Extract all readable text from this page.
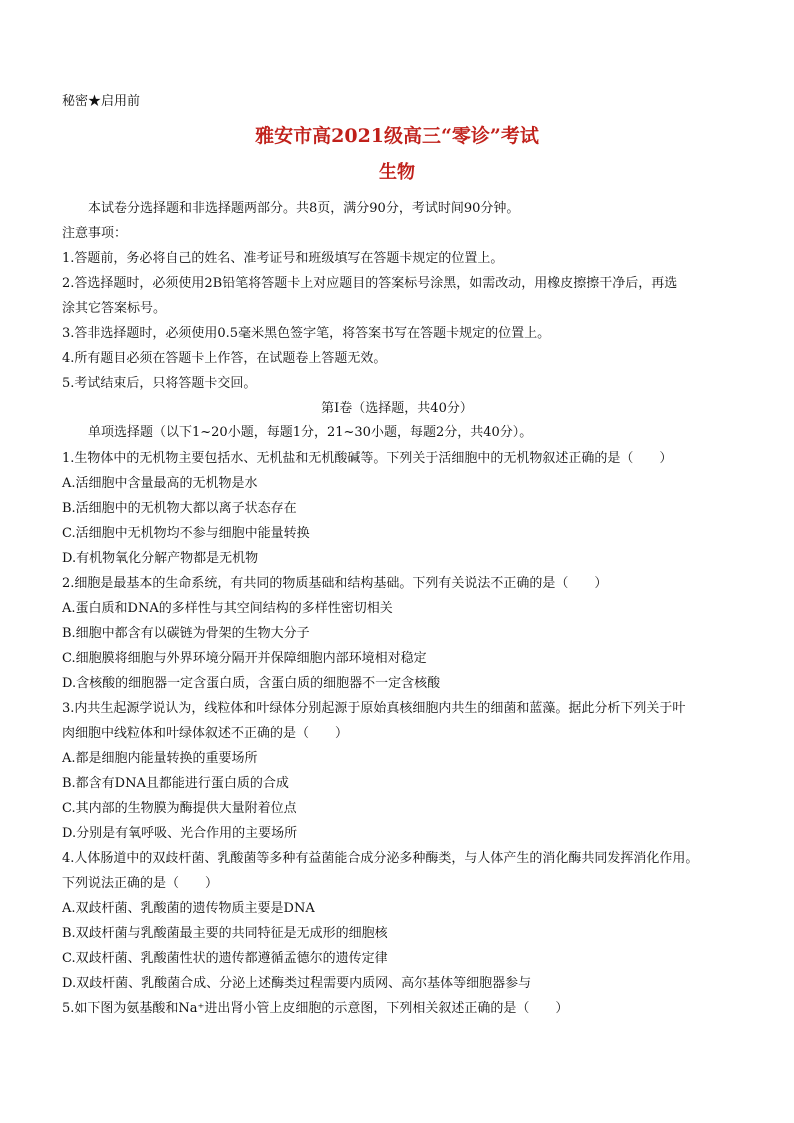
秘密★启用前
雅安市高2021级高三“零诊”考试
生物
本试卷分选择题和非选择题两部分。共8页，满分90分，考试时间90分钟。
注意事项：
1.答题前，务必将自己的姓名、准考证号和班级填写在答题卡规定的位置上。
2.答选择题时，必须使用2B铅笔将答题卡上对应题目的答案标号涂黑，如需改动，用橡皮擦擦干净后，再选
涂其它答案标号。
3.答非选择题时，必须使用0.5毫米黑色签字笔，将答案书写在答题卡规定的位置上。
4.所有题目必须在答题卡上作答，在试题卷上答题无效。
5.考试结束后，只将答题卡交回。
第Ⅰ卷（选择题，共40分）
单项选择题（以下1~20小题，每题1分，21~30小题，每题2分，共40分）。
1.生物体中的无机物主要包括水、无机盐和无机酸碱等。下列关于活细胞中的无机物叙述正确的是（　　）
A.活细胞中含量最高的无机物是水
B.活细胞中的无机物大都以离子状态存在
C.活细胞中无机物均不参与细胞中能量转换
D.有机物氧化分解产物都是无机物
2.细胞是最基本的生命系统，有共同的物质基础和结构基础。下列有关说法不正确的是（　　）
A.蛋白质和DNA的多样性与其空间结构的多样性密切相关
B.细胞中都含有以碳链为骨架的生物大分子
C.细胞膜将细胞与外界环境分隔开并保障细胞内部环境相对稳定
D.含核酸的细胞器一定含蛋白质，含蛋白质的细胞器不一定含核酸
3.内共生起源学说认为，线粒体和叶绿体分别起源于原始真核细胞内共生的细菌和蓝藻。据此分析下列关于叶
肉细胞中线粒体和叶绿体叙述不正确的是（　　）
A.都是细胞内能量转换的重要场所
B.都含有DNA且都能进行蛋白质的合成
C.其内部的生物膜为酶提供大量附着位点
D.分别是有氧呼吸、光合作用的主要场所
4.人体肠道中的双歧杆菌、乳酸菌等多种有益菌能合成分泌多种酶类，与人体产生的消化酶共同发挥消化作用。
下列说法正确的是（　　）
A.双歧杆菌、乳酸菌的遗传物质主要是DNA
B.双歧杆菌与乳酸菌最主要的共同特征是无成形的细胞核
C.双歧杆菌、乳酸菌性状的遗传都遵循孟德尔的遗传定律
D.双歧杆菌、乳酸菌合成、分泌上述酶类过程需要内质网、高尔基体等细胞器参与
5.如下图为氨基酸和Na⁺进出肾小管上皮细胞的示意图，下列相关叙述正确的是（　　）
